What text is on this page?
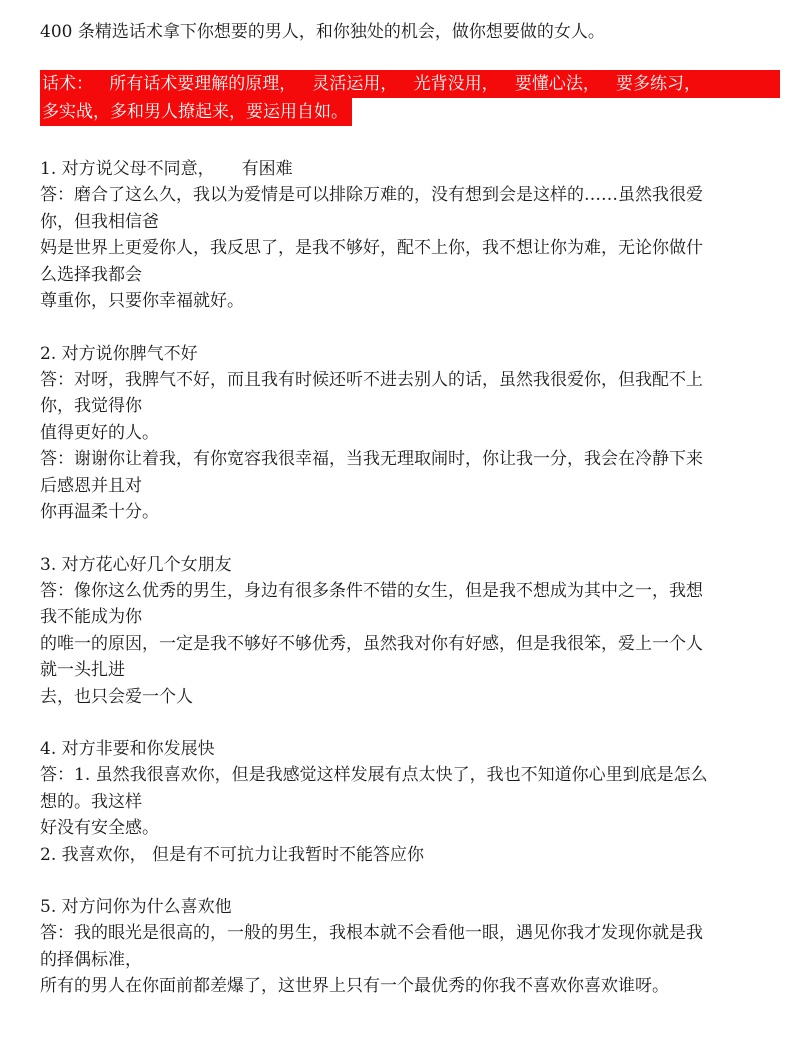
400 条精选话术拿下你想要的男人，和你独处的机会，做你想要做的女人。
话术：   所有话术要理解的原理，   灵活运用，   光背没用，   要懂心法，   要多练习，
多实战，多和男人撩起来，要运用自如。
1. 对方说父母不同意，     有困难
答：磨合了这么久，我以为爱情是可以排除万难的，没有想到会是这样的……虽然我很爱
你，但我相信爸
妈是世界上更爱你人，我反思了，是我不够好，配不上你，我不想让你为难，无论你做什
么选择我都会
尊重你，只要你幸福就好。
2. 对方说你脾气不好
答：对呀，我脾气不好，而且我有时候还听不进去别人的话，虽然我很爱你，但我配不上
你，我觉得你
值得更好的人。
答：谢谢你让着我，有你宽容我很幸福，当我无理取闹时，你让我一分，我会在冷静下来
后感恩并且对
你再温柔十分。
3. 对方花心好几个女朋友
答：像你这么优秀的男生，身边有很多条件不错的女生，但是我不想成为其中之一，我想
我不能成为你
的唯一的原因，一定是我不够好不够优秀，虽然我对你有好感，但是我很笨，爱上一个人
就一头扎进
去，也只会爱一个人
4. 对方非要和你发展快
答：1. 虽然我很喜欢你，但是我感觉这样发展有点太快了，我也不知道你心里到底是怎么
想的。我这样
好没有安全感。
2. 我喜欢你， 但是有不可抗力让我暂时不能答应你
5. 对方问你为什么喜欢他
答：我的眼光是很高的，一般的男生，我根本就不会看他一眼，遇见你我才发现你就是我
的择偶标准，
所有的男人在你面前都差爆了，这世界上只有一个最优秀的你我不喜欢你喜欢谁呀。
